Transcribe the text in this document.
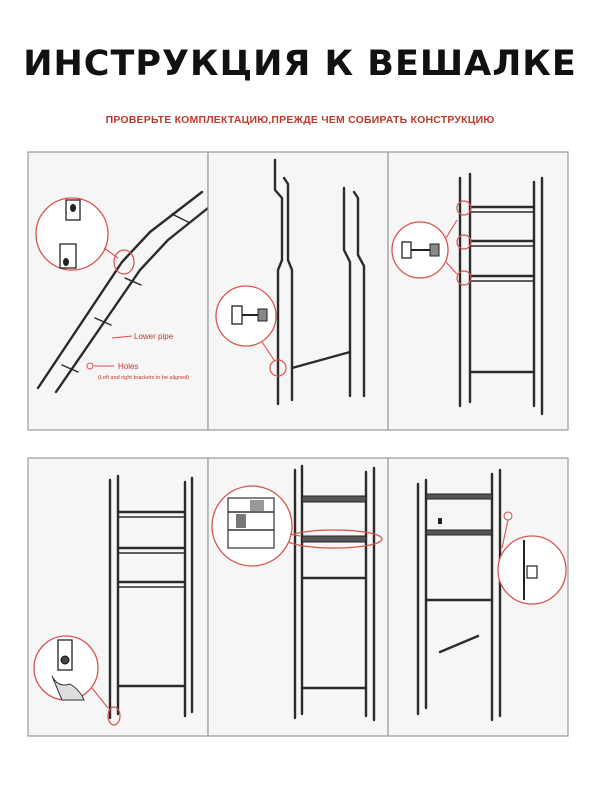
ИНСТРУКЦИЯ К ВЕШАЛКЕ
ПРОВЕРЬТЕ КОМПЛЕКТАЦИЮ,ПРЕЖДЕ ЧЕМ СОБИРАТЬ КОНСТРУКЦИЮ
Lower pipe
Holes
(Left and right brackets to be aligned)
